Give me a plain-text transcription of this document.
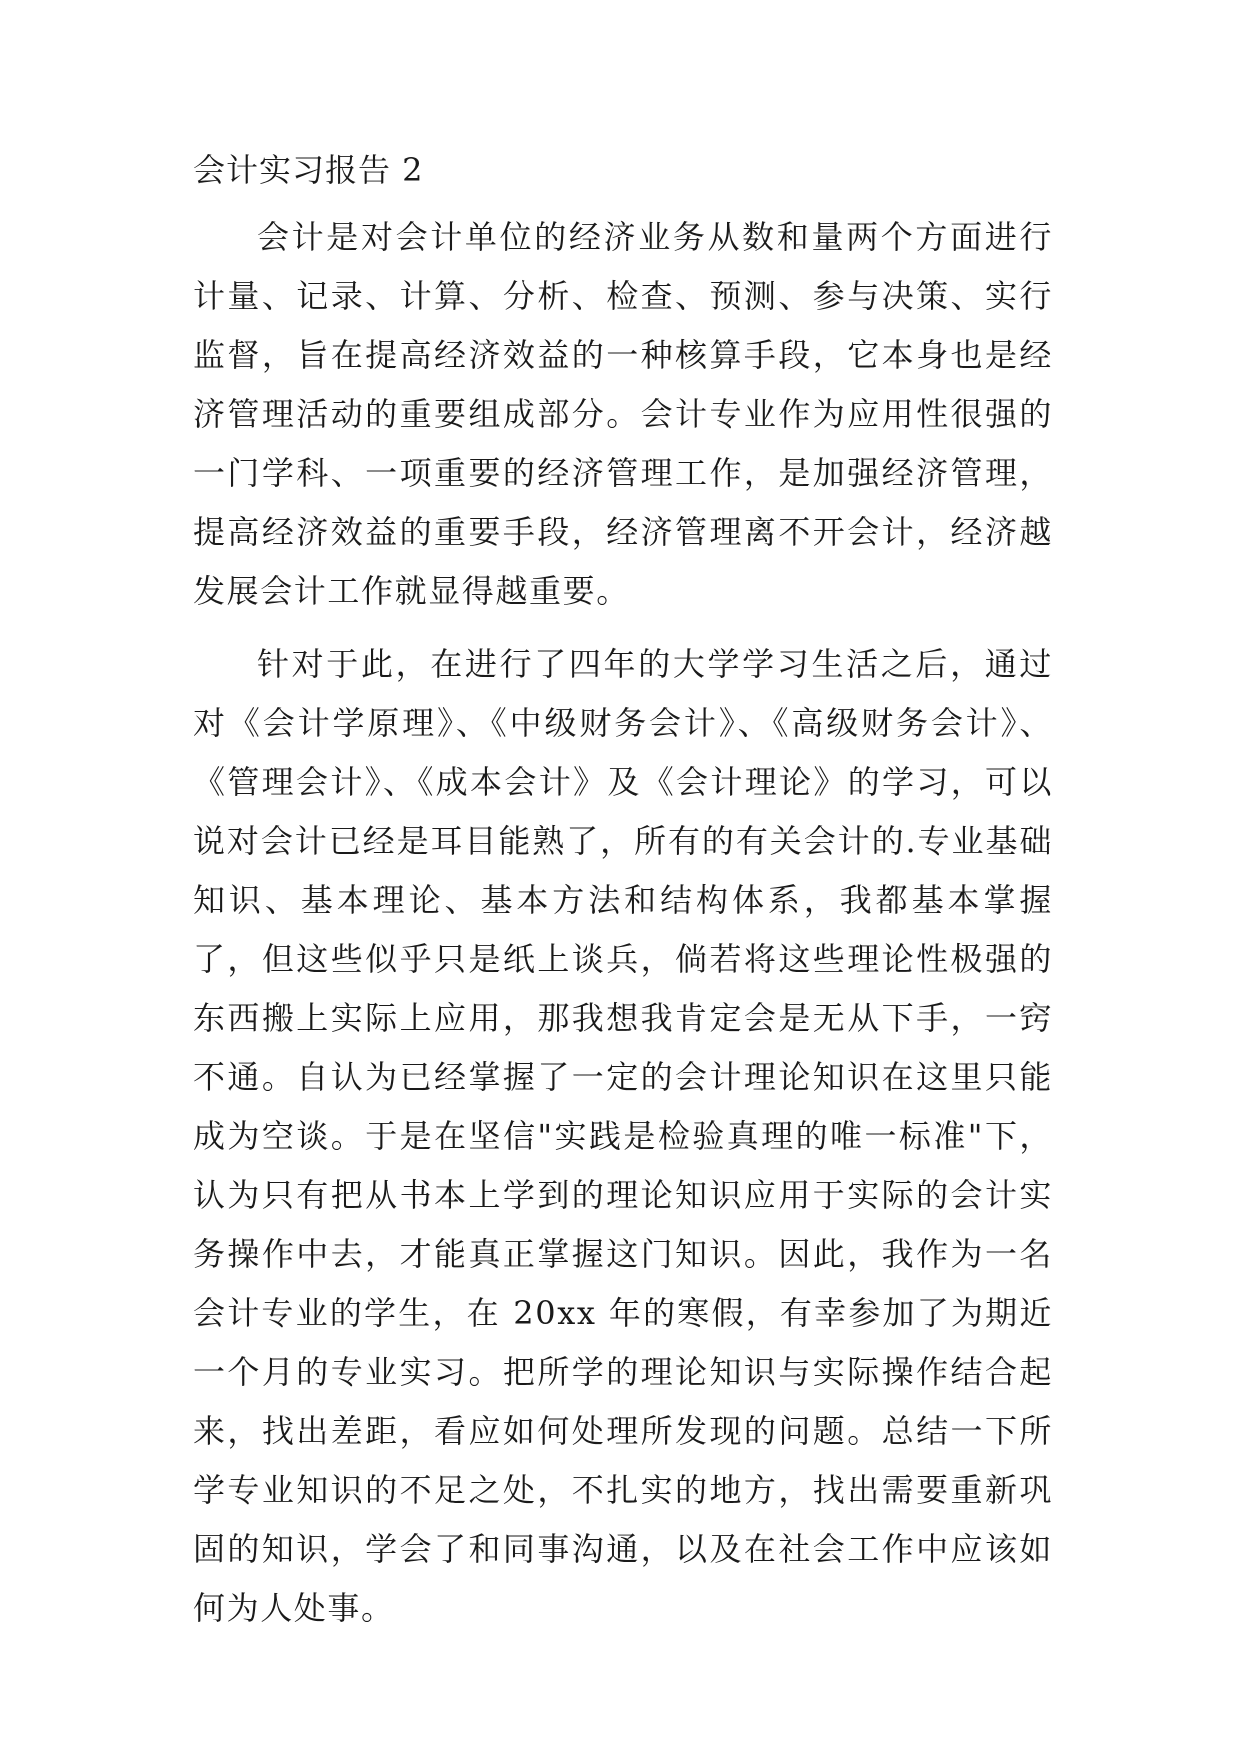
会计实习报告 2

会计是对会计单位的经济业务从数和量两个方面进行计量、记录、计算、分析、检查、预测、参与决策、实行监督，旨在提高经济效益的一种核算手段，它本身也是经济管理活动的重要组成部分。会计专业作为应用性很强的一门学科、一项重要的经济管理工作，是加强经济管理，提高经济效益的重要手段，经济管理离不开会计，经济越发展会计工作就显得越重要。

针对于此，在进行了四年的大学学习生活之后，通过对《会计学原理》、《中级财务会计》、《高级财务会计》、《管理会计》、《成本会计》及《会计理论》的学习，可以说对会计已经是耳目能熟了，所有的有关会计的.专业基础知识、基本理论、基本方法和结构体系，我都基本掌握了，但这些似乎只是纸上谈兵，倘若将这些理论性极强的东西搬上实际上应用，那我想我肯定会是无从下手，一窍不通。自认为已经掌握了一定的会计理论知识在这里只能成为空谈。于是在坚信"实践是检验真理的唯一标准"下，认为只有把从书本上学到的理论知识应用于实际的会计实务操作中去，才能真正掌握这门知识。因此，我作为一名会计专业的学生，在 20xx 年的寒假，有幸参加了为期近一个月的专业实习。把所学的理论知识与实际操作结合起来，找出差距，看应如何处理所发现的问题。总结一下所学专业知识的不足之处，不扎实的地方，找出需要重新巩固的知识，学会了和同事沟通，以及在社会工作中应该如何为人处事。
